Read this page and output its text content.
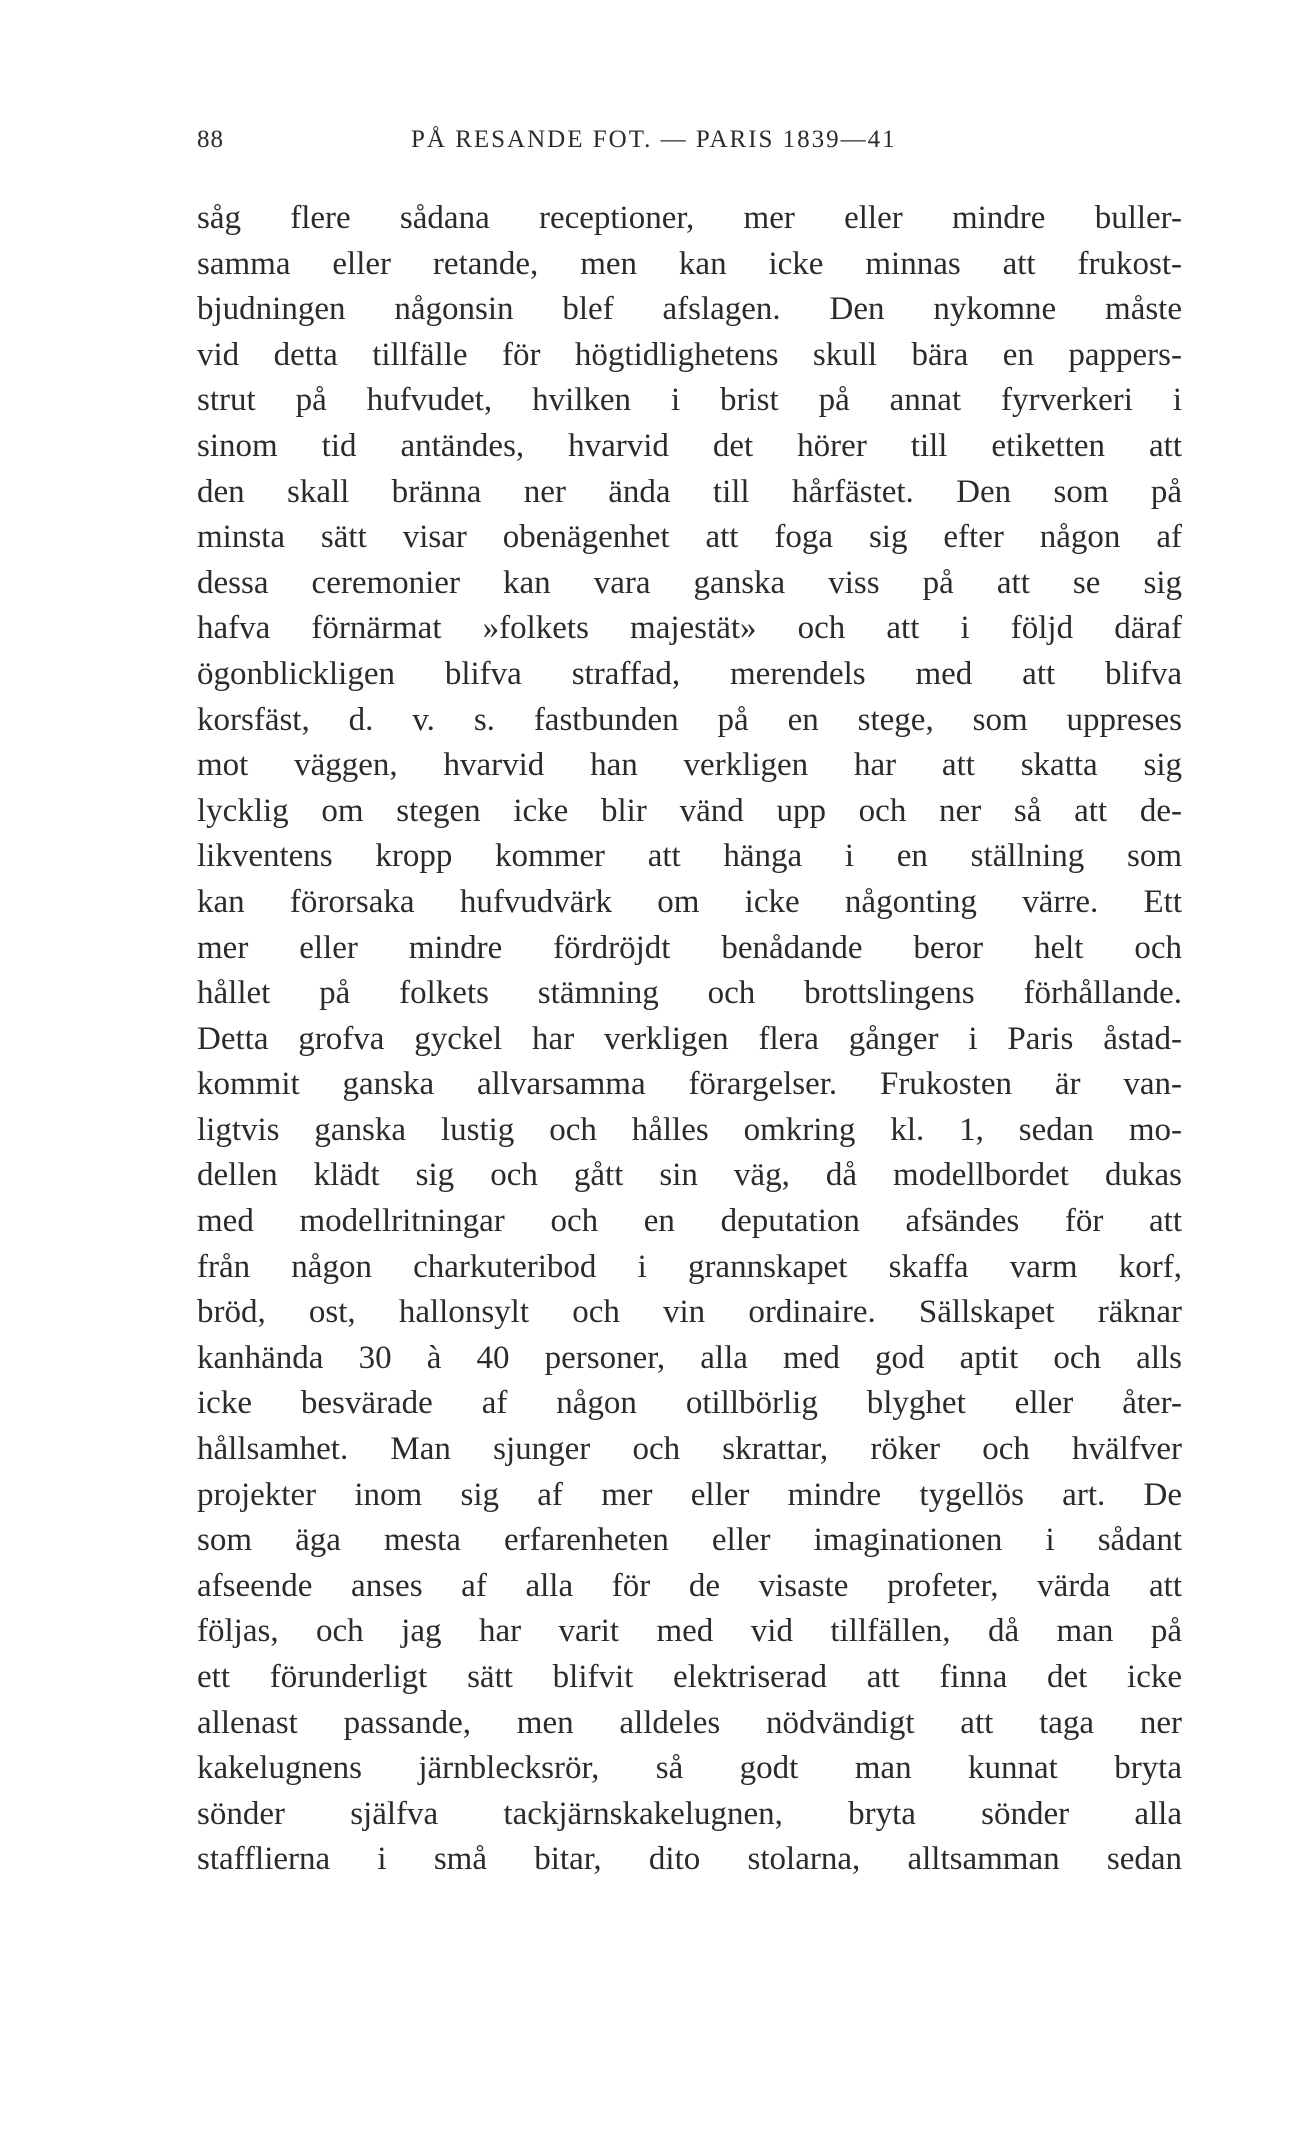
88	PÅ RESANDE FOT. — PARIS 1839—41
såg flere sådana receptioner, mer eller mindre buller-
samma eller retande, men kan icke minnas att frukost-
bjudningen någonsin blef afslagen. Den nykomne måste
vid detta tillfälle för högtidlighetens skull bära en pappers-
strut på hufvudet, hvilken i brist på annat fyrverkeri i
sinom tid antändes, hvarvid det hörer till etiketten att
den skall bränna ner ända till hårfästet. Den som på
minsta sätt visar obenägenhet att foga sig efter någon af
dessa ceremonier kan vara ganska viss på att se sig
hafva förnärmat »folkets majestät» och att i följd däraf
ögonblickligen blifva straffad, merendels med att blifva
korsfäst, d. v. s. fastbunden på en stege, som uppreses
mot väggen, hvarvid han verkligen har att skatta sig
lycklig om stegen icke blir vänd upp och ner så att de-
likventens kropp kommer att hänga i en ställning som
kan förorsaka hufvudvärk om icke någonting värre. Ett
mer eller mindre fördröjdt benådande beror helt och
hållet på folkets stämning och brottslingens förhållande.
Detta grofva gyckel har verkligen flera gånger i Paris åstad-
kommit ganska allvarsamma förargelser. Frukosten är van-
ligtvis ganska lustig och hålles omkring kl. 1, sedan mo-
dellen klädt sig och gått sin väg, då modellbordet dukas
med modellritningar och en deputation afsändes för att
från någon charkuteribod i grannskapet skaffa varm korf,
bröd, ost, hallonsylt och vin ordinaire. Sällskapet räknar
kanhända 30 à 40 personer, alla med god aptit och alls
icke besvärade af någon otillbörlig blyghet eller åter-
hållsamhet. Man sjunger och skrattar, röker och hvälfver
projekter inom sig af mer eller mindre tygellös art. De
som äga mesta erfarenheten eller imaginationen i sådant
afseende anses af alla för de visaste profeter, värda att
följas, och jag har varit med vid tillfällen, då man på
ett förunderligt sätt blifvit elektriserad att finna det icke
allenast passande, men alldeles nödvändigt att taga ner
kakelugnens järnblecksrör, så godt man kunnat bryta
sönder själfva tackjärnskakelugnen, bryta sönder alla
stafflierna i små bitar, dito stolarna, alltsamman sedan
